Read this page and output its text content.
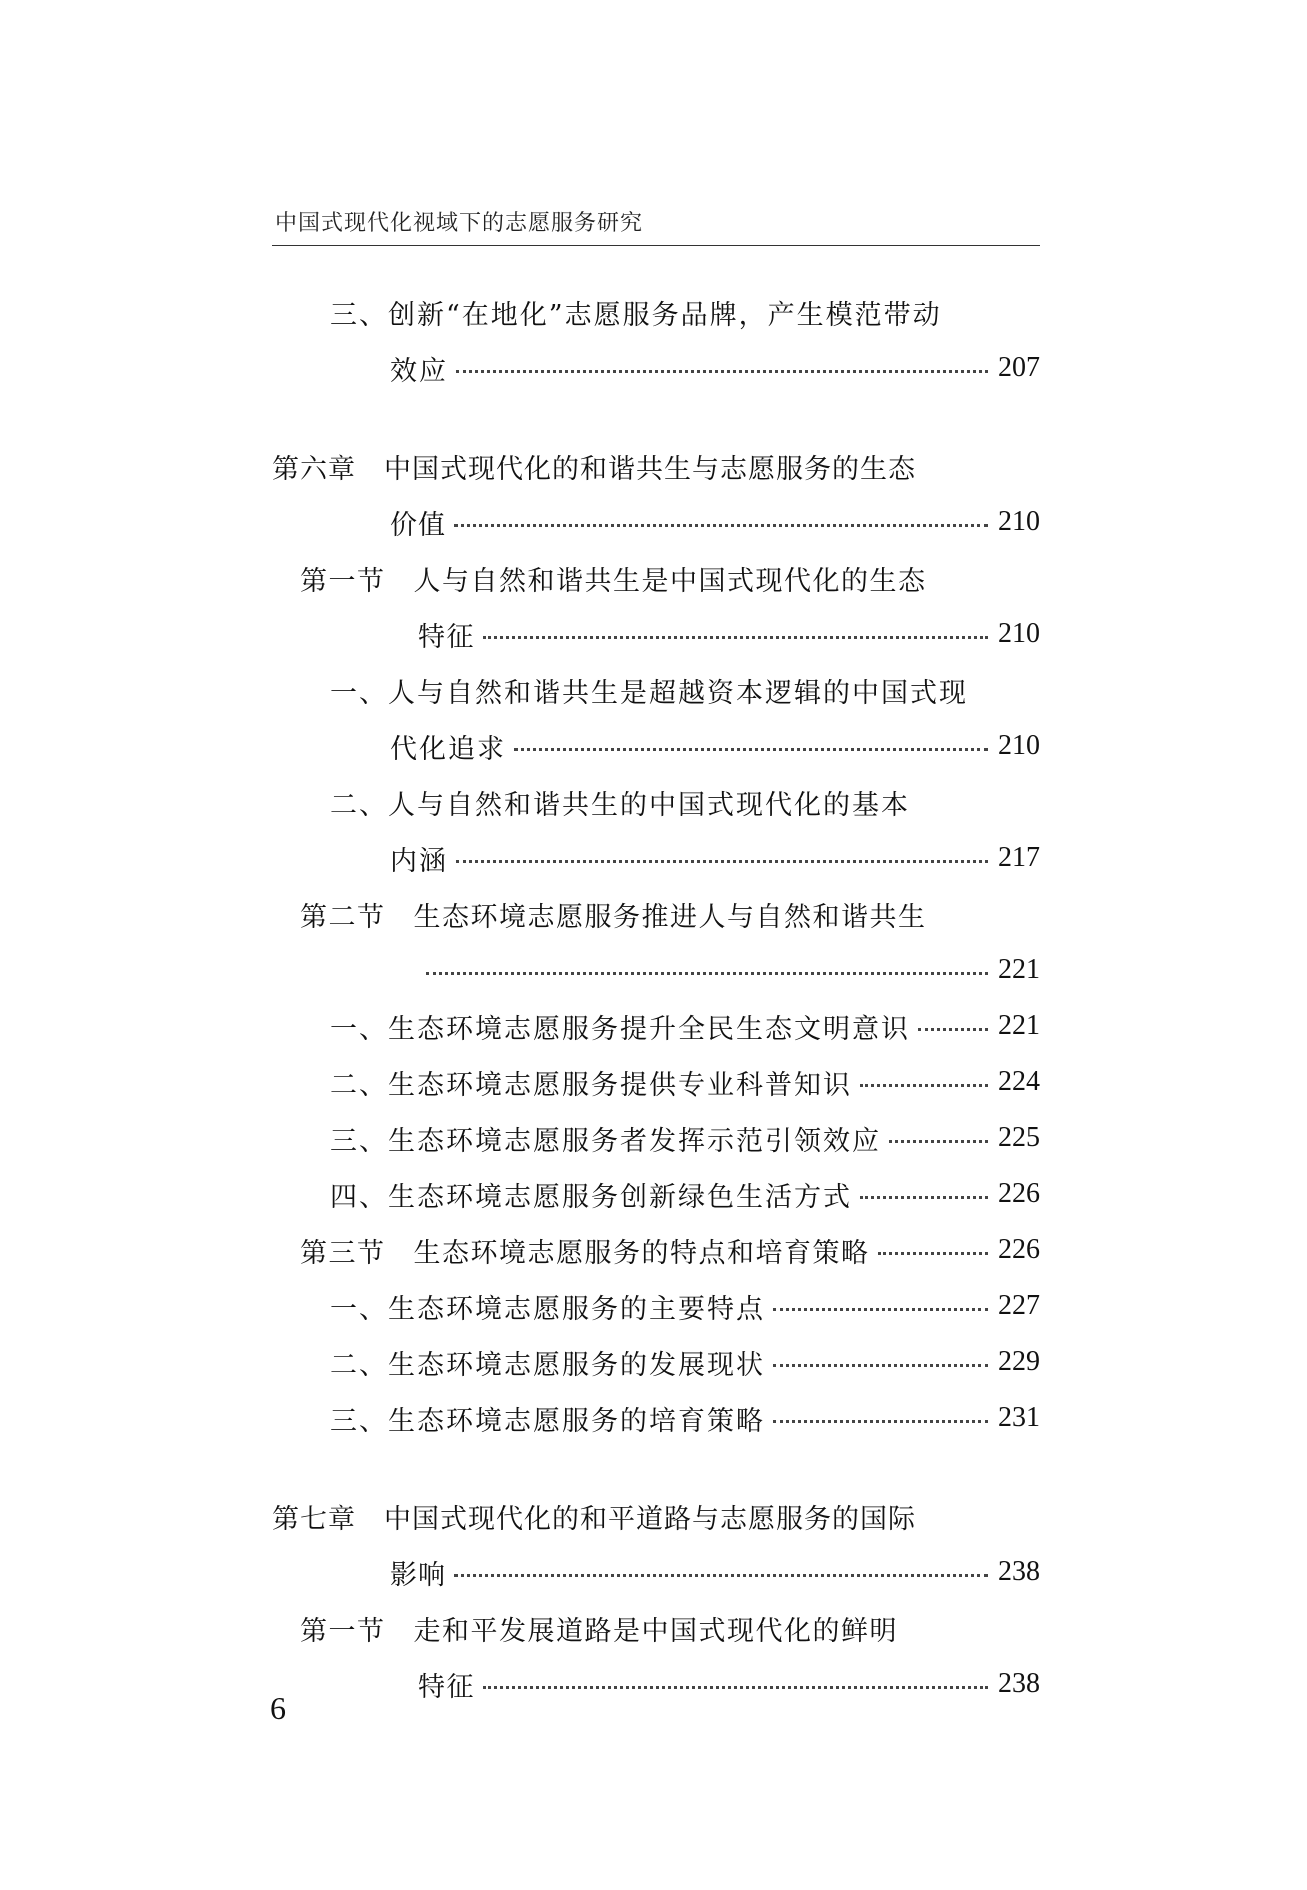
中国式现代化视域下的志愿服务研究
三、创新“在地化”志愿服务品牌，产生模范带动
效应	207
第六章 中国式现代化的和谐共生与志愿服务的生态
价值	210
第一节 人与自然和谐共生是中国式现代化的生态
特征	210
一、人与自然和谐共生是超越资本逻辑的中国式现
代化追求	210
二、人与自然和谐共生的中国式现代化的基本
内涵	217
第二节 生态环境志愿服务推进人与自然和谐共生
221
一、生态环境志愿服务提升全民生态文明意识	221
二、生态环境志愿服务提供专业科普知识	224
三、生态环境志愿服务者发挥示范引领效应	225
四、生态环境志愿服务创新绿色生活方式	226
第三节 生态环境志愿服务的特点和培育策略	226
一、生态环境志愿服务的主要特点	227
二、生态环境志愿服务的发展现状	229
三、生态环境志愿服务的培育策略	231
第七章 中国式现代化的和平道路与志愿服务的国际
影响	238
第一节 走和平发展道路是中国式现代化的鲜明
特征	238
6
